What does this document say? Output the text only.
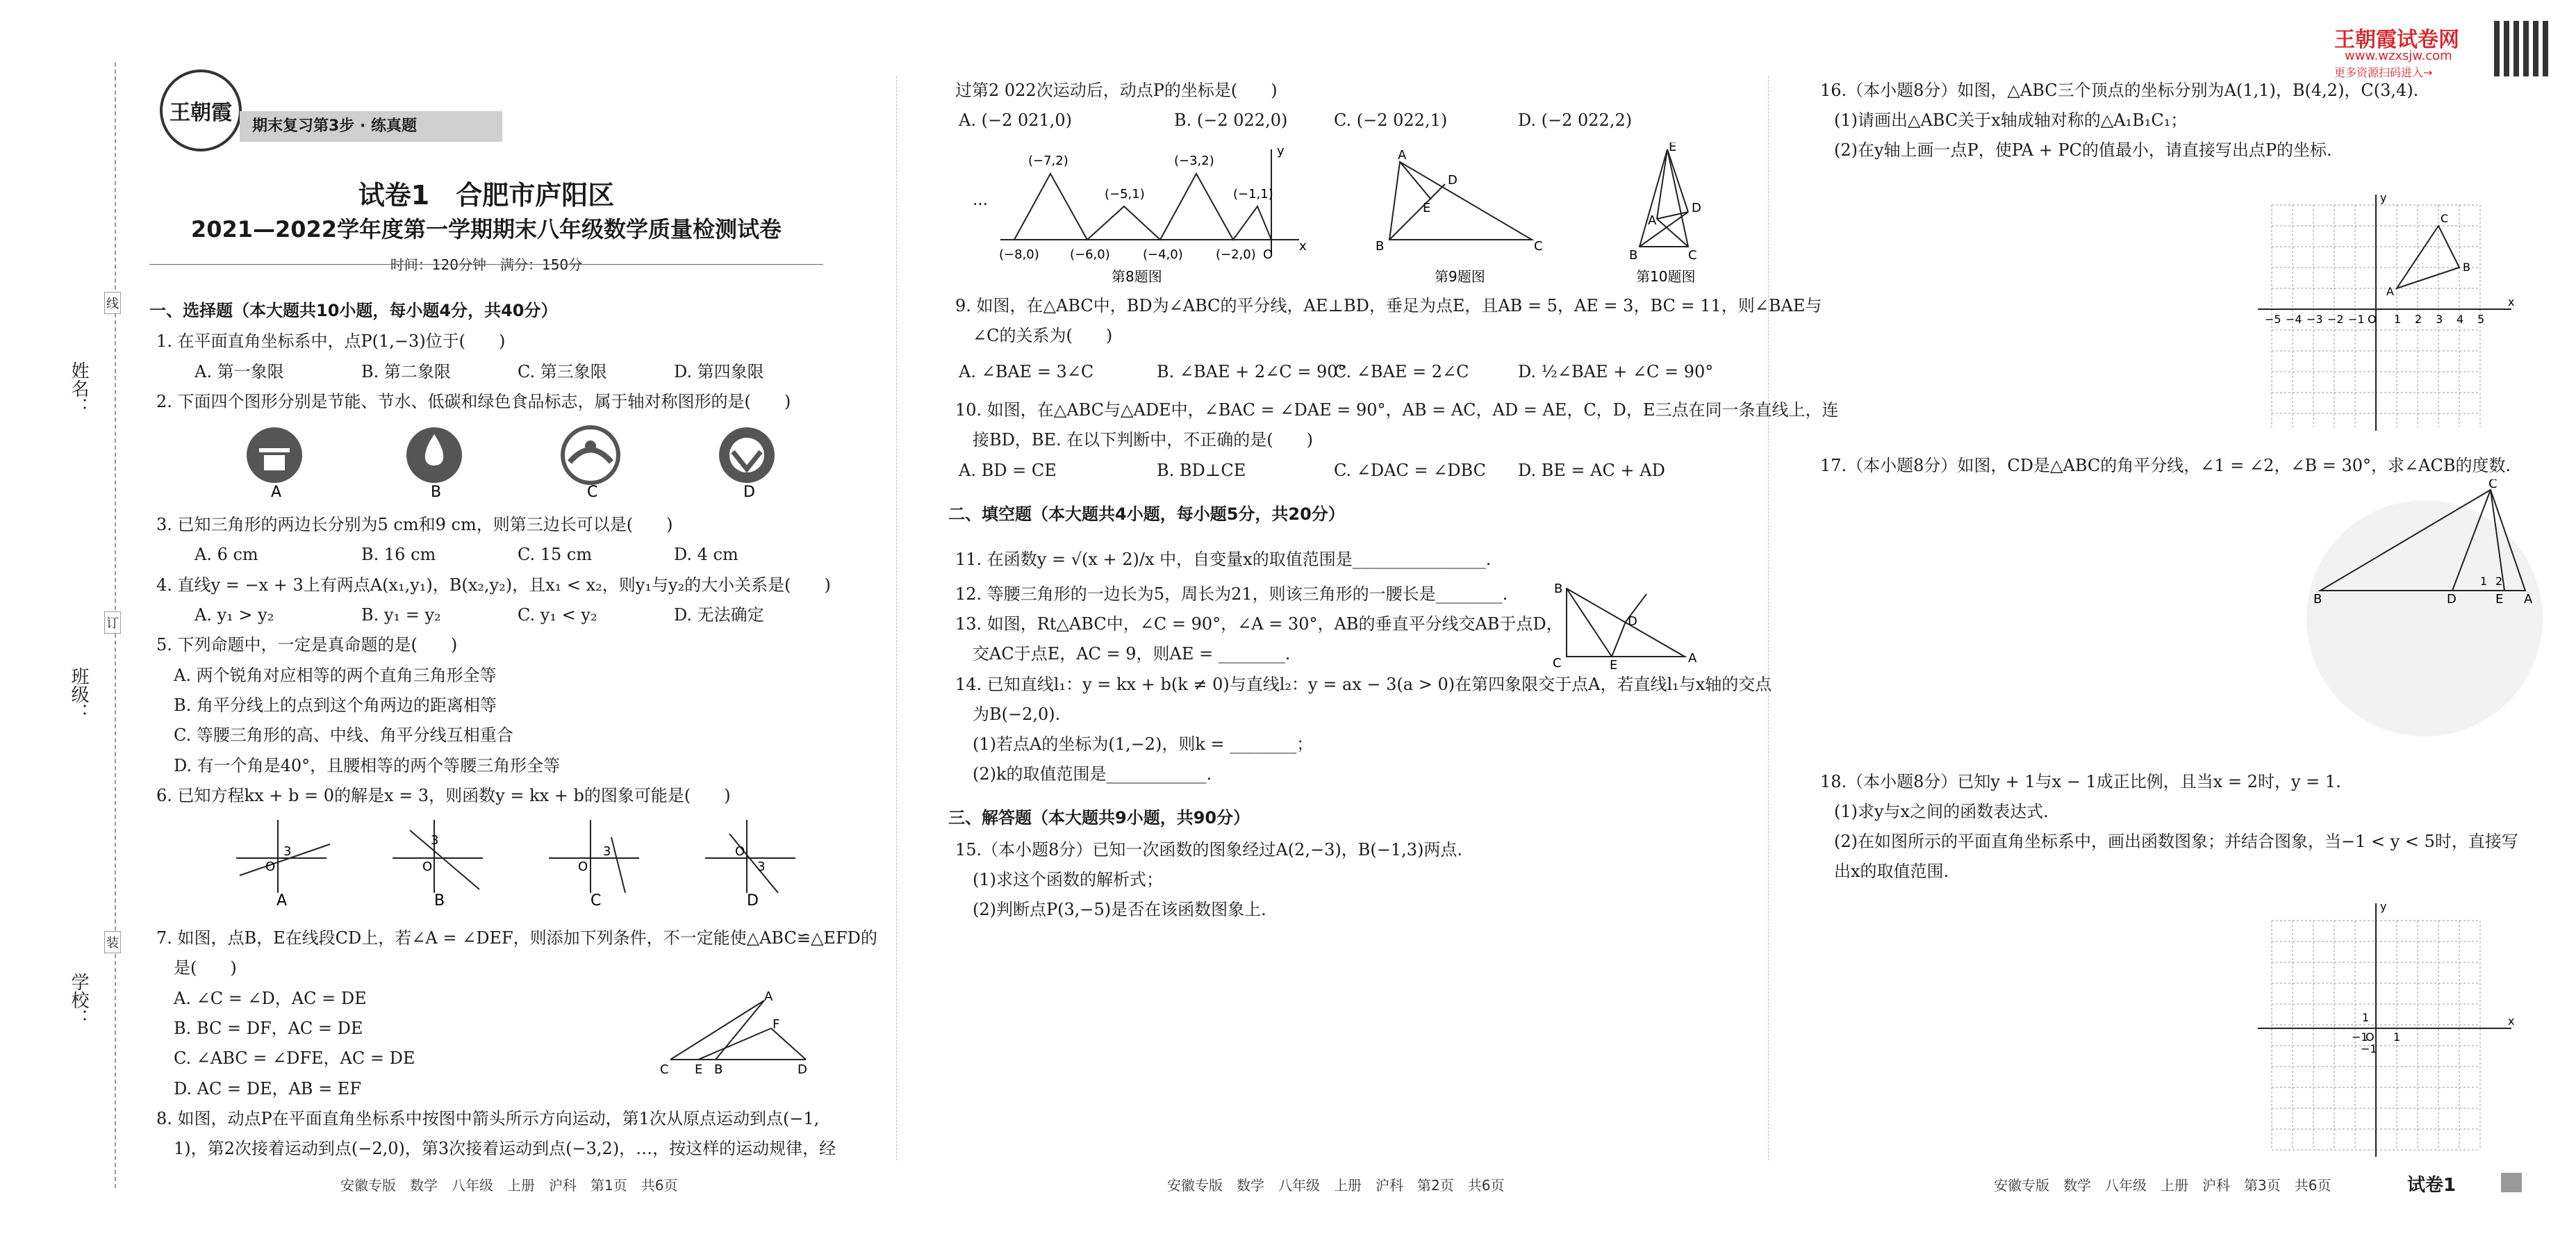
姓名：
班级：
学校：
线
订
装
王朝霞
期末复习第3步 · 练真题
王朝霞试卷网
www.wzxsjw.com
更多资源扫码进入→
试卷1　合肥市庐阳区
2021—2022学年度第一学期期末八年级数学质量检测试卷
时间：120分钟　满分：150分
一、选择题（本大题共10小题，每小题4分，共40分）
1. 在平面直角坐标系中，点P(1,−3)位于(　　)
A. 第一象限	B. 第二象限	C. 第三象限	D. 第四象限
2. 下面四个图形分别是节能、节水、低碳和绿色食品标志，属于轴对称图形的是(　　)
A	B	C	D
3. 已知三角形的两边长分别为5 cm和9 cm，则第三边长可以是(　　)
A. 6 cm	B. 16 cm	C. 15 cm	D. 4 cm
4. 直线y = −x + 3上有两点A(x₁,y₁)，B(x₂,y₂)，且x₁ < x₂，则y₁与y₂的大小关系是(　　)
A. y₁ > y₂	B. y₁ = y₂	C. y₁ < y₂	D. 无法确定
5. 下列命题中，一定是真命题的是(　　)
A. 两个锐角对应相等的两个直角三角形全等
B. 角平分线上的点到这个角两边的距离相等
C. 等腰三角形的高、中线、角平分线互相重合
D. 有一个角是40°，且腰相等的两个等腰三角形全等
6. 已知方程kx + b = 0的解是x = 3，则函数y = kx + b的图象可能是(　　)
3
O
3
O
3
O
O
3
A	B	C	D
7. 如图，点B，E在线段CD上，若∠A = ∠DEF，则添加下列条件，不一定能使△ABC≌△EFD的
是(　　)
A. ∠C = ∠D，AC = DE
B. BC = DF，AC = DE
C. ∠ABC = ∠DFE，AC = DE
D. AC = DE，AB = EF
C E B	D
A
F
8. 如图，动点P在平面直角坐标系中按图中箭头所示方向运动，第1次从原点运动到点(−1,
1)，第2次接着运动到点(−2,0)，第3次接着运动到点(−3,2)，…，按这样的运动规律，经
安徽专版　数学　八年级　上册　沪科　第1页　共6页
过第2 022次运动后，动点P的坐标是(　　)
A. (−2 021,0)	B. (−2 022,0)	C. (−2 022,1)	D. (−2 022,2)
…
x
y
(−7,2)
(−5,1)
(−3,2)
(−1,1)
(−8,0) (−6,0)	(−4,0)	(−2,0) O
第8题图
A
D
E
B	C
第9题图
E
D
A
B	C
第10题图
9. 如图，在△ABC中，BD为∠ABC的平分线，AE⊥BD，垂足为点E，且AB = 5，AE = 3，BC = 11，则∠BAE与
∠C的关系为(　　)
A. ∠BAE = 3∠C	B. ∠BAE + 2∠C = 90°
C. ∠BAE = 2∠C	D. ½∠BAE + ∠C = 90°
10. 如图，在△ABC与△ADE中，∠BAC = ∠DAE = 90°，AB = AC，AD = AE，C，D，E三点在同一条直线上，连
接BD，BE. 在以下判断中，不正确的是(　　)
A. BD = CE	B. BD⊥CE	C. ∠DAC = ∠DBC D. BE = AC + AD
二、填空题（本大题共4小题，每小题5分，共20分）
11. 在函数y = √(x + 2)/x 中，自变量x的取值范围是________________.
12. 等腰三角形的一边长为5，周长为21，则该三角形的一腰长是________.
13. 如图，Rt△ABC中，∠C = 90°，∠A = 30°，AB的垂直平分线交AB于点D，
交AC于点E，AC = 9，则AE = ________.
B
D
C	E	A
14. 已知直线l₁：y = kx + b(k ≠ 0)与直线l₂：y = ax − 3(a > 0)在第四象限交于点A，若直线l₁与x轴的交点
为B(−2,0).
(1)若点A的坐标为(1,−2)，则k = ________；
(2)k的取值范围是____________.
三、解答题（本大题共9小题，共90分）
15.（本小题8分）已知一次函数的图象经过A(2,−3)，B(−1,3)两点.
(1)求这个函数的解析式；
(2)判断点P(3,−5)是否在该函数图象上.
安徽专版　数学　八年级　上册　沪科　第2页　共6页
16.（本小题8分）如图，△ABC三个顶点的坐标分别为A(1,1)，B(4,2)，C(3,4).
(1)请画出△ABC关于x轴成轴对称的△A₁B₁C₁；
(2)在y轴上画一点P，使PA + PC的值最小，请直接写出点P的坐标.
x
y
A
B
C
−5 −4 −3 −2 −1 O 1 2 3 4 5
17.（本小题8分）如图，CD是△ABC的角平分线，∠1 = ∠2，∠B = 30°，求∠ACB的度数.
C
B	D	E A
1 2
18.（本小题8分）已知y + 1与x − 1成正比例，且当x = 2时，y = 1.
(1)求y与x之间的函数表达式.
(2)在如图所示的平面直角坐标系中，画出函数图象；并结合图象，当−1 < y < 5时，直接写
出x的取值范围.
x
y
1
−1
O 1
−1
安徽专版　数学　八年级　上册　沪科　第3页　共6页	试卷1
